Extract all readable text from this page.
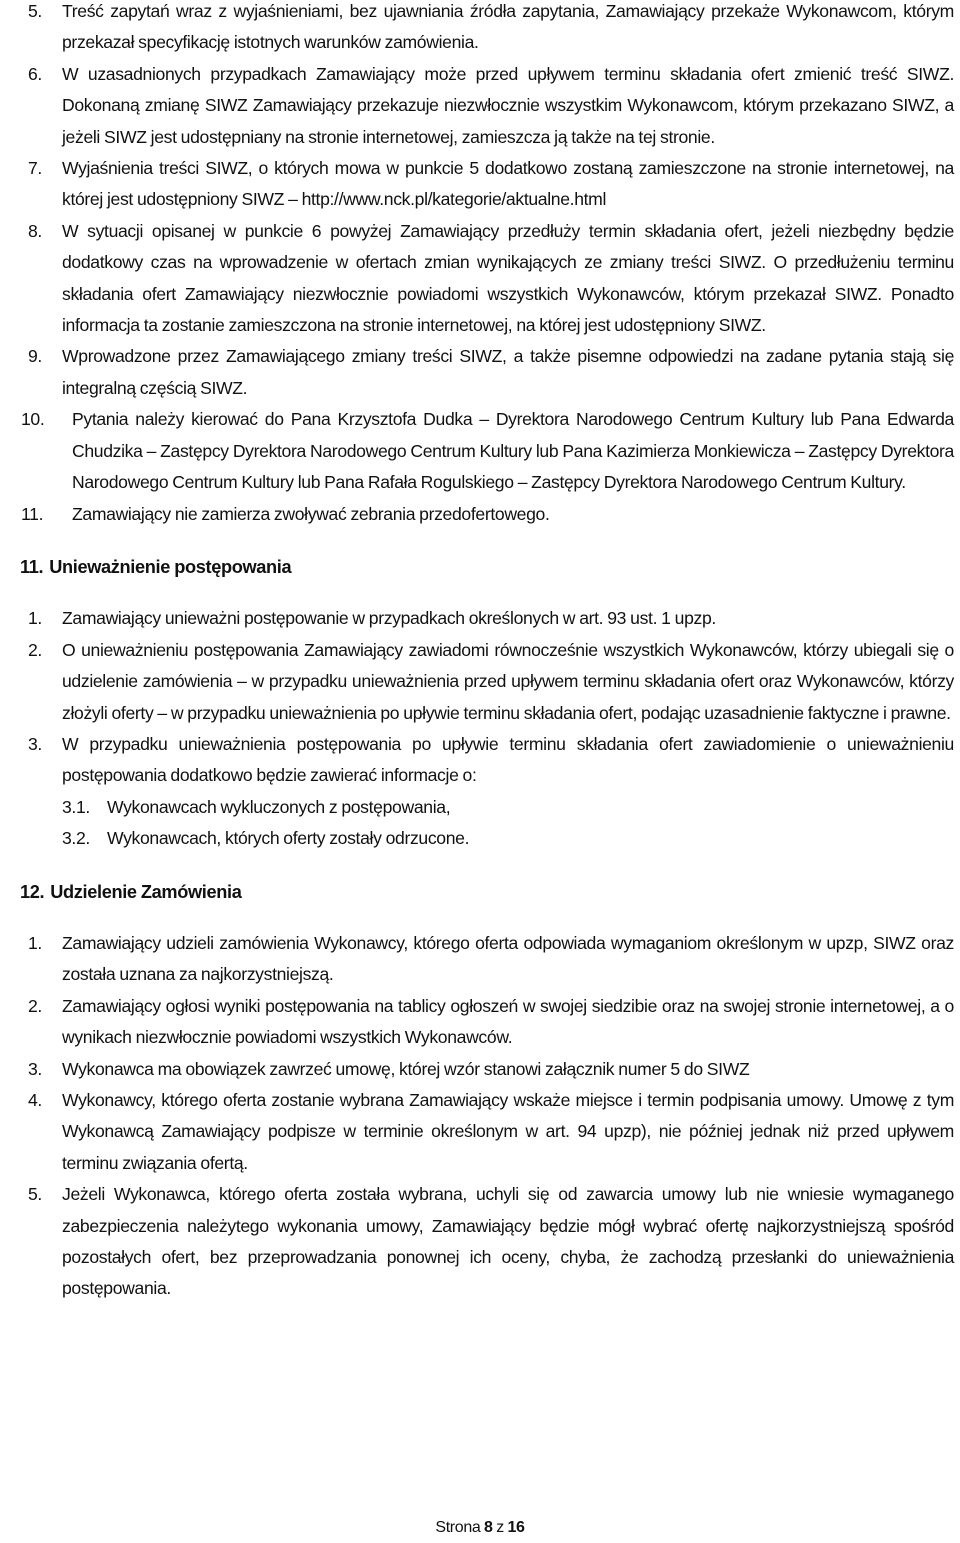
5. Treść zapytań wraz z wyjaśnieniami, bez ujawniania źródła zapytania, Zamawiający przekaże Wykonawcom, którym przekazał specyfikację istotnych warunków zamówienia.
6. W uzasadnionych przypadkach Zamawiający może przed upływem terminu składania ofert zmienić treść SIWZ. Dokonaną zmianę SIWZ Zamawiający przekazuje niezwłocznie wszystkim Wykonawcom, którym przekazano SIWZ, a jeżeli SIWZ jest udostępniany na stronie internetowej, zamieszcza ją także na tej stronie.
7. Wyjaśnienia treści SIWZ, o których mowa w punkcie 5 dodatkowo zostaną zamieszczone na stronie internetowej, na której jest udostępniony SIWZ – http://www.nck.pl/kategorie/aktualne.html
8. W sytuacji opisanej w punkcie 6 powyżej Zamawiający przedłuży termin składania ofert, jeżeli niezbędny będzie dodatkowy czas na wprowadzenie w ofertach zmian wynikających ze zmiany treści SIWZ. O przedłużeniu terminu składania ofert Zamawiający niezwłocznie powiadomi wszystkich Wykonawców, którym przekazał SIWZ. Ponadto informacja ta zostanie zamieszczona na stronie internetowej, na której jest udostępniony SIWZ.
9. Wprowadzone przez Zamawiającego zmiany treści SIWZ, a także pisemne odpowiedzi na zadane pytania stają się integralną częścią SIWZ.
10. Pytania należy kierować do Pana Krzysztofa Dudka – Dyrektora Narodowego Centrum Kultury lub Pana Edwarda Chudzika – Zastępcy Dyrektora Narodowego Centrum Kultury lub Pana Kazimierza Monkiewicza – Zastępcy Dyrektora Narodowego Centrum Kultury lub Pana Rafała Rogulskiego – Zastępcy Dyrektora Narodowego Centrum Kultury.
11. Zamawiający nie zamierza zwoływać zebrania przedofertowego.
11. Unieważnienie postępowania
1. Zamawiający unieważni postępowanie w przypadkach określonych w art. 93 ust. 1 upzp.
2. O unieważnieniu postępowania Zamawiający zawiadomi równocześnie wszystkich Wykonawców, którzy ubiegali się o udzielenie zamówienia – w przypadku unieważnienia przed upływem terminu składania ofert oraz Wykonawców, którzy złożyli oferty – w przypadku unieważnienia po upływie terminu składania ofert, podając uzasadnienie faktyczne i prawne.
3. W przypadku unieważnienia postępowania po upływie terminu składania ofert zawiadomienie o unieważnieniu postępowania dodatkowo będzie zawierać informacje o:
3.1. Wykonawcach wykluczonych z postępowania,
3.2. Wykonawcach, których oferty zostały odrzucone.
12. Udzielenie Zamówienia
1. Zamawiający udzieli zamówienia Wykonawcy, którego oferta odpowiada wymaganiom określonym w upzp, SIWZ oraz została uznana za najkorzystniejszą.
2. Zamawiający ogłosi wyniki postępowania na tablicy ogłoszeń w swojej siedzibie oraz na swojej stronie internetowej, a o wynikach niezwłocznie powiadomi wszystkich Wykonawców.
3. Wykonawca ma obowiązek zawrzeć umowę, której wzór stanowi załącznik numer 5 do SIWZ
4. Wykonawcy, którego oferta zostanie wybrana Zamawiający wskaże miejsce i termin podpisania umowy. Umowę z tym Wykonawcą Zamawiający podpisze w terminie określonym w art. 94 upzp), nie później jednak niż przed upływem terminu związania ofertą.
5. Jeżeli Wykonawca, którego oferta została wybrana, uchyli się od zawarcia umowy lub nie wniesie wymaganego zabezpieczenia należytego wykonania umowy, Zamawiający będzie mógł wybrać ofertę najkorzystniejszą spośród pozostałych ofert, bez przeprowadzania ponownej ich oceny, chyba, że zachodzą przesłanki do unieważnienia postępowania.
Strona 8 z 16
